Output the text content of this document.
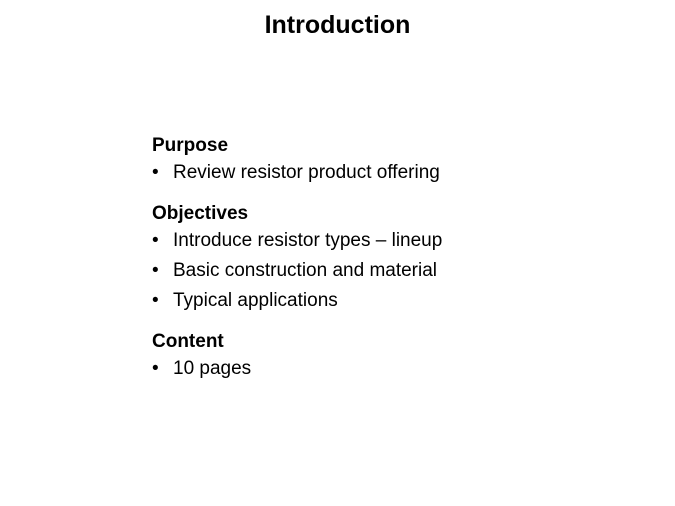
Introduction
Purpose
• Review resistor product offering
Objectives
• Introduce resistor types – lineup
• Basic construction and material
• Typical applications
Content
• 10 pages
